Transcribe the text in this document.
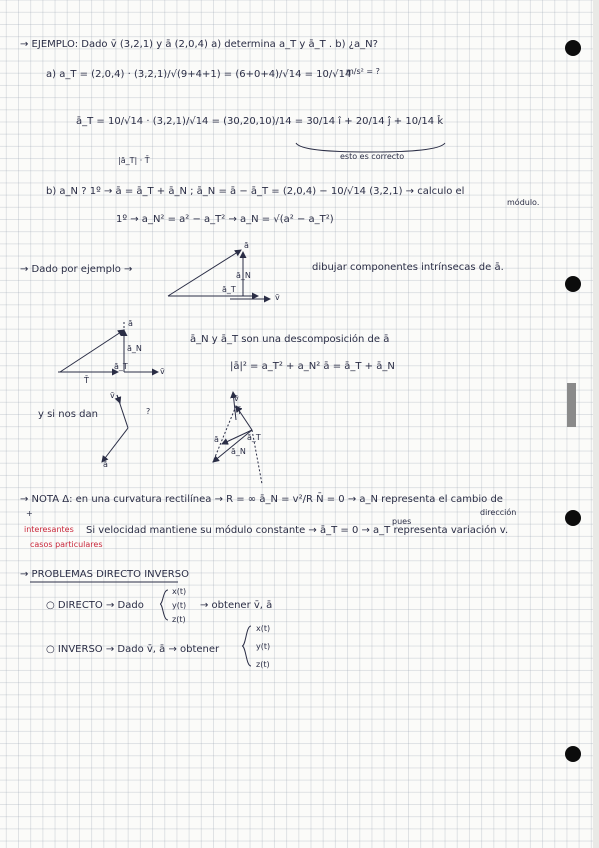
→ EJEMPLO: Dado v̄ (3,2,1) y ā (2,0,4) a) determina a_T y ā_T . b) ¿a_N?
a) a_T = (2,0,4) · (3,2,1)/√(9+4+1) = (6+0+4)/√14 = 10/√14
m/s² = ?
ā_T = 10/√14 · (3,2,1)/√14 = (30,20,10)/14 = 30/14 î + 20/14 ĵ + 10/14 k̂
|ā_T| · T̄	esto es correcto
b) a_N ? 1º → ā = ā_T + ā_N ; ā_N = ā − ā_T = (2,0,4) − 10/√14 (3,2,1) → calculo el
módulo.
1º → a_N² = a² − a_T² → a_N = √(a² − a_T²)
→ Dado por ejemplo →	dibujar componentes intrínsecas de ā.
ā_N y ā_T son una descomposición de ā
|ā|² = a_T² + a_N² ā = ā_T + ā_N
y si nos dan
→ NOTA Δ: en una curvatura rectilínea → R = ∞ ā_N = v²/R N̄ = 0 → a_N representa el cambio de
dirección
interesantes Si velocidad mantiene su módulo constante → ā_T = 0 → a_T representa variación v.
casos particulares
→ PROBLEMAS DIRECTO INVERSO
○ DIRECTO → Dado	→ obtener v̄, ā
○ INVERSO → Dado v̄, ā → obtener
ā
ā_N
ā_T
v̄
ā
ā_N
ā_T
T̄
v̄
v̄
ā
?
v̄
T̄
ā_T
ā_N
ā
+
pues
x(t)
y(t)
z(t)
x(t)
y(t)
z(t)
